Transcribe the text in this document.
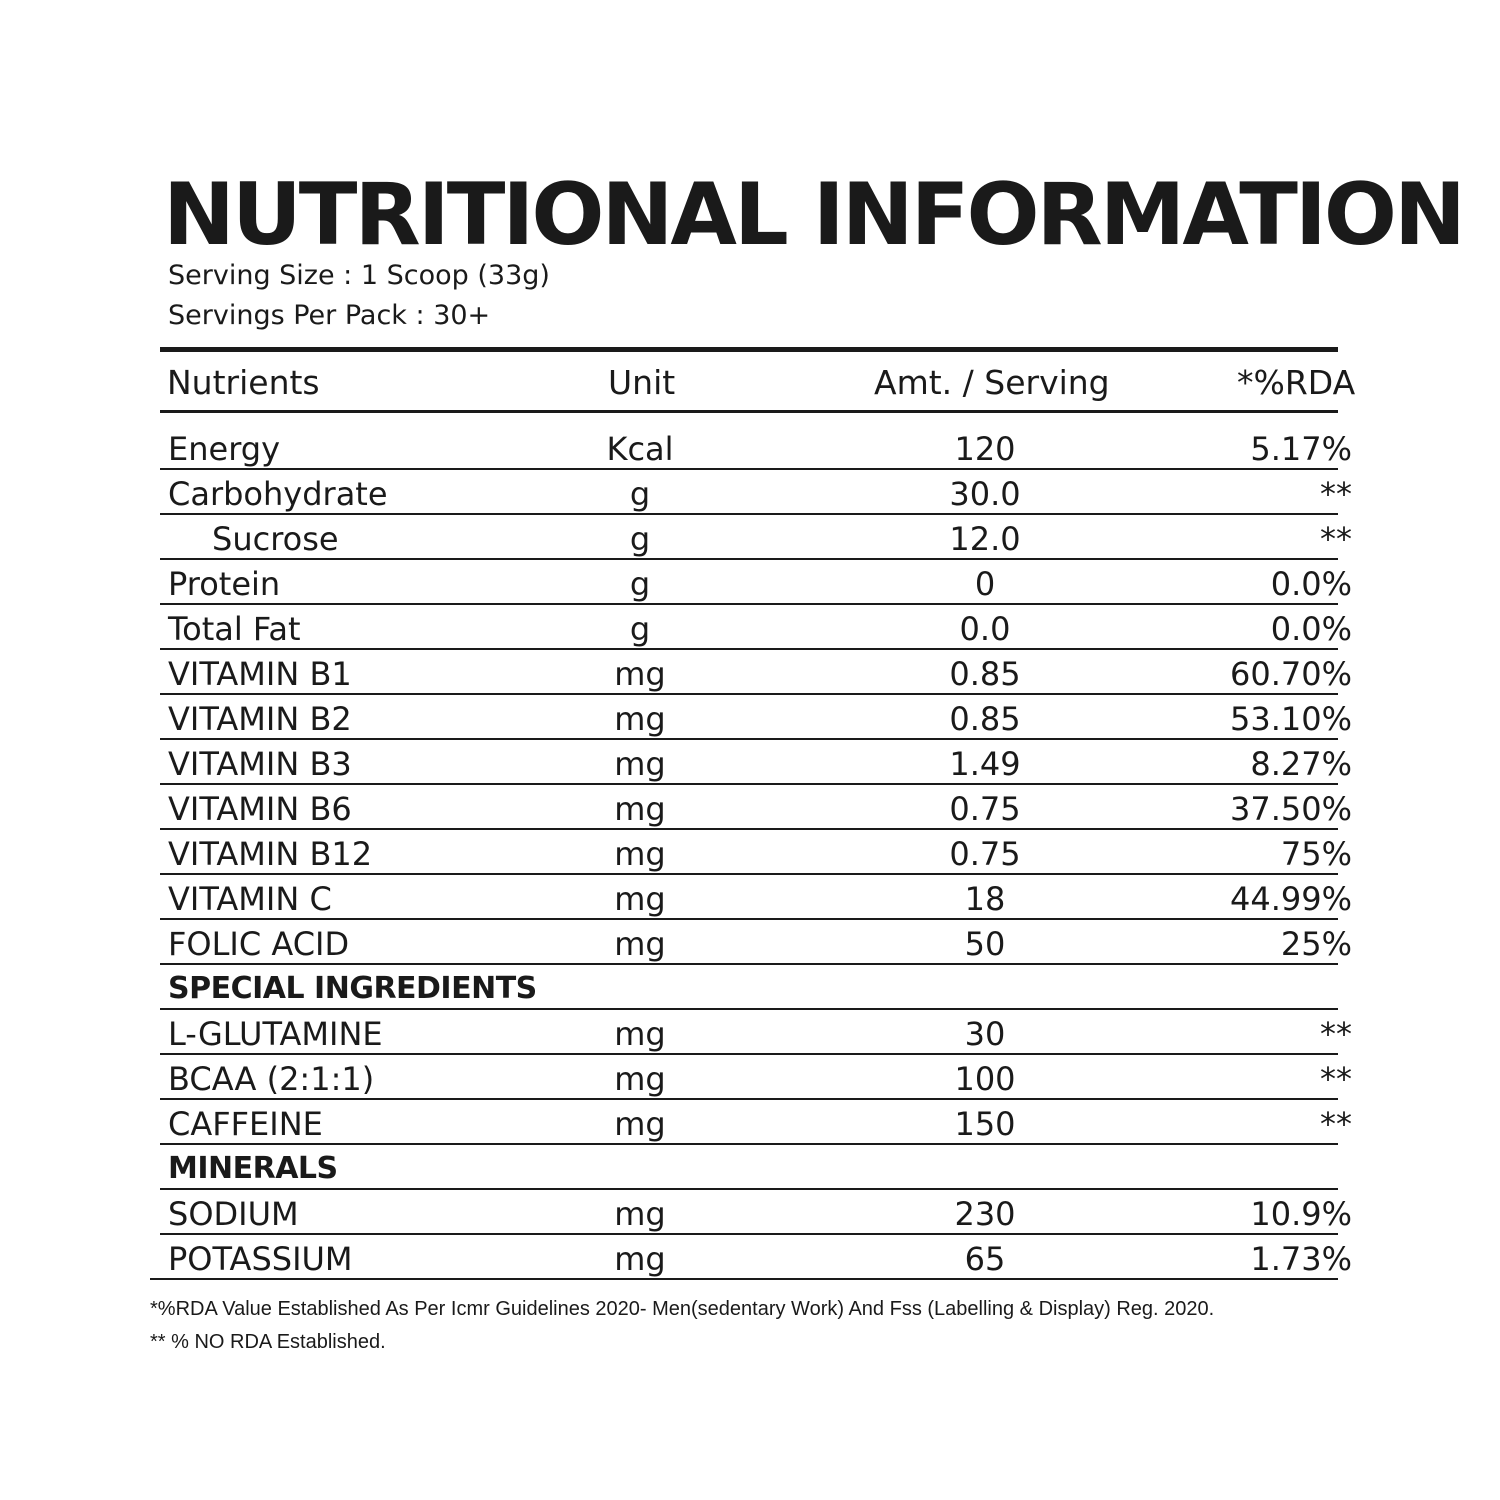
NUTRITIONAL INFORMATION
Serving Size : 1 Scoop (33g)
Servings Per Pack : 30+
Nutrients	Unit	Amt. / Serving	*%RDA
Energy	Kcal	120	5.17%
Carbohydrate	g	30.0	**
Sucrose	g	12.0	**
Protein	g	0	0.0%
Total Fat	g	0.0	0.0%
VITAMIN B1	mg	0.85	60.70%
VITAMIN B2	mg	0.85	53.10%
VITAMIN B3	mg	1.49	8.27%
VITAMIN B6	mg	0.75	37.50%
VITAMIN B12	mg	0.75	75%
VITAMIN C	mg	18	44.99%
FOLIC ACID	mg	50	25%
SPECIAL INGREDIENTS
L-GLUTAMINE	mg	30	**
BCAA (2:1:1)	mg	100	**
CAFFEINE	mg	150	**
MINERALS
SODIUM	mg	230	10.9%
POTASSIUM	mg	65	1.73%
*%RDA Value Established As Per Icmr Guidelines 2020- Men(sedentary Work) And Fss (Labelling & Display) Reg. 2020.
** % NO RDA Established.
